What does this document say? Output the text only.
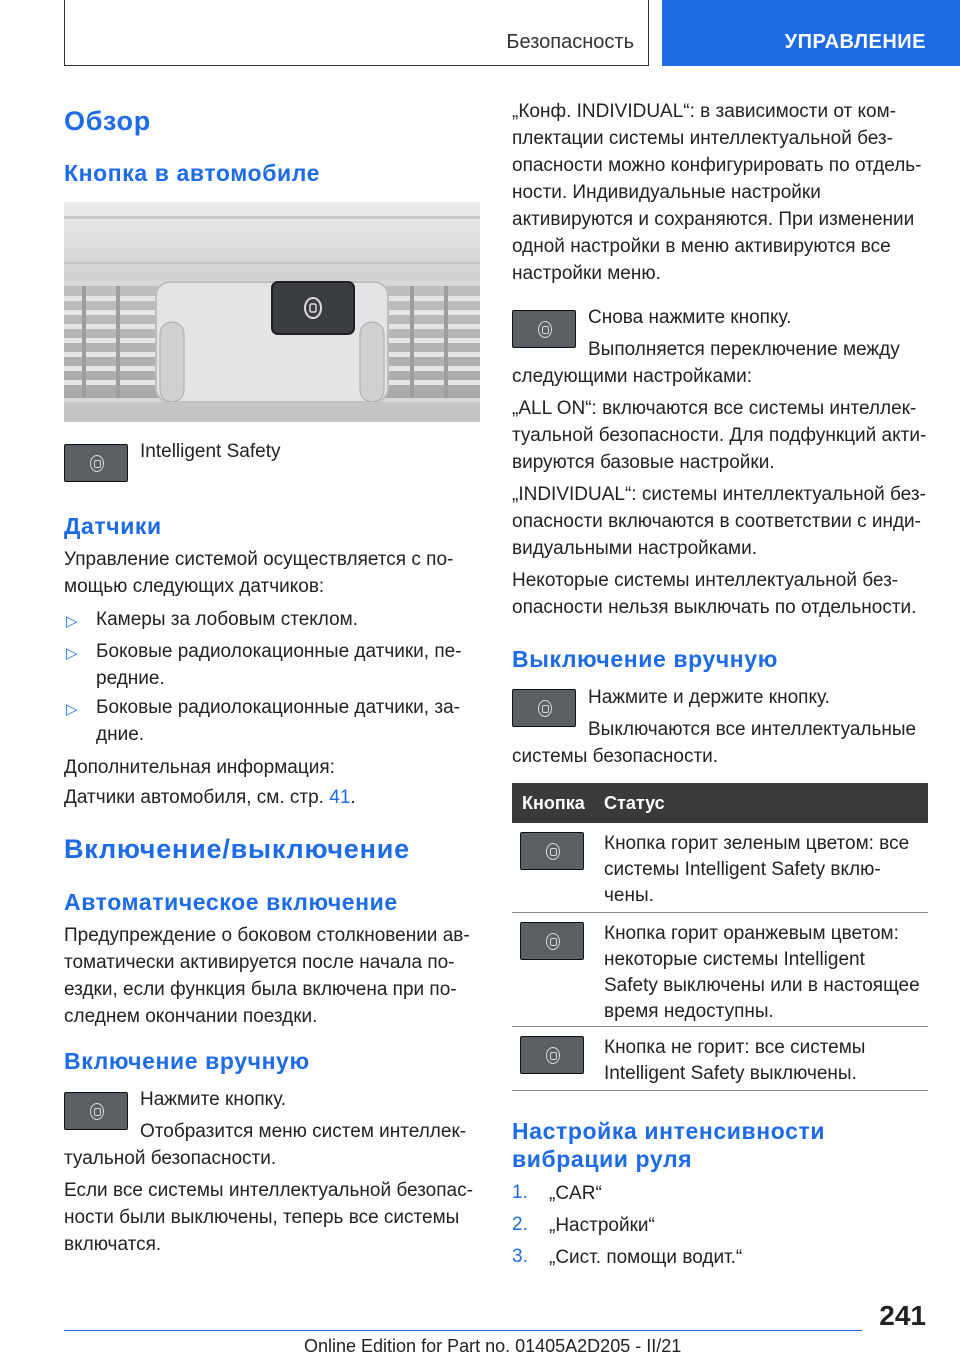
Безопасность	УПРАВЛЕНИЕ
Обзор
Кнопка в автомобиле
Intelligent Safety
Датчики
Управление системой осуществляется с по-
мощью следующих датчиков:
▷ Камеры за лобовым стеклом.
▷ Боковые радиолокационные датчики, пе-
редние.
▷ Боковые радиолокационные датчики, за-
дние.
Дополнительная информация:
Датчики автомобиля, см. стр. 41.
Включение/выключение
Автоматическое включение
Предупреждение о боковом столкновении ав-
томатически активируется после начала по-
ездки, если функция была включена при по-
следнем окончании поездки.
Включение вручную
Нажмите кнопку.
Отобразится меню систем интеллек-
туальной безопасности.
Если все системы интеллектуальной безопас-
ности были выключены, теперь все системы
включатся.
„Конф. INDIVIDUAL“: в зависимости от ком-
плектации системы интеллектуальной без-
опасности можно конфигурировать по отдель-
ности. Индивидуальные настройки
активируются и сохраняются. При изменении
одной настройки в меню активируются все
настройки меню.
Снова нажмите кнопку.
Выполняется переключение между
следующими настройками:
„ALL ON“: включаются все системы интеллек-
туальной безопасности. Для подфункций акти-
вируются базовые настройки.
„INDIVIDUAL“: системы интеллектуальной без-
опасности включаются в соответствии с инди-
видуальными настройками.
Некоторые системы интеллектуальной без-
опасности нельзя выключать по отдельности.
Выключение вручную
Нажмите и держите кнопку.
Выключаются все интеллектуальные
системы безопасности.
Кнопка Статус
Кнопка горит зеленым цветом: все
системы Intelligent Safety вклю-
чены.
Кнопка горит оранжевым цветом:
некоторые системы Intelligent
Safety выключены или в настоящее
время недоступны.
Кнопка не горит: все системы
Intelligent Safety выключены.
Настройка интенсивности
вибрации руля
1. „CAR“
2. „Настройки“
3. „Сист. помощи водит.“
241
Online Edition for Part no. 01405A2D205 - II/21
